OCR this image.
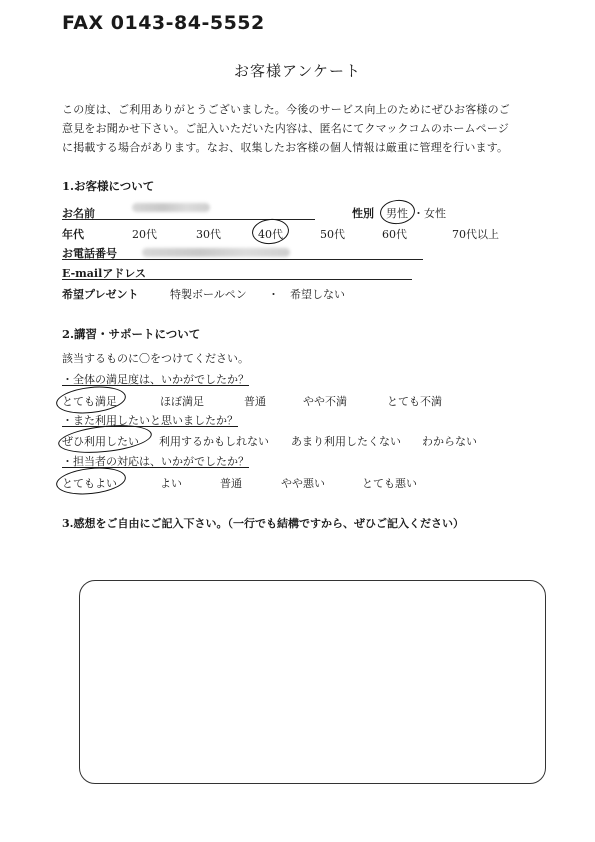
FAX 0143-84-5552
お客様アンケート
この度は、ご利用ありがとうございました。今後のサービス向上のためにぜひお客様のご
意見をお聞かせ下さい。ご記入いただいた内容は、匿名にてクマックコムのホームページ
に掲載する場合があります。なお、収集したお客様の個人情報は厳重に管理を行います。
1.お客様について
お名前	性別 男性 ・ 女性
年代	20代	30代	40代	50代	60代	70代以上
お電話番号
E-mailアドレス
希望プレゼント	特製ボールペン ・ 希望しない
2.講習・サポートについて
該当するものに〇をつけてください。
・全体の満足度は、いかがでしたか？
とても満足	ほぼ満足	普通	やや不満	とても不満
・また利用したいと思いましたか？
ぜひ利用したい 利用するかもしれない あまり利用したくない わからない
・担当者の対応は、いかがでしたか？
とてもよい	よい	普通	やや悪い	とても悪い
3.感想をご自由にご記入下さい。（一行でも結構ですから、ぜひご記入ください）
